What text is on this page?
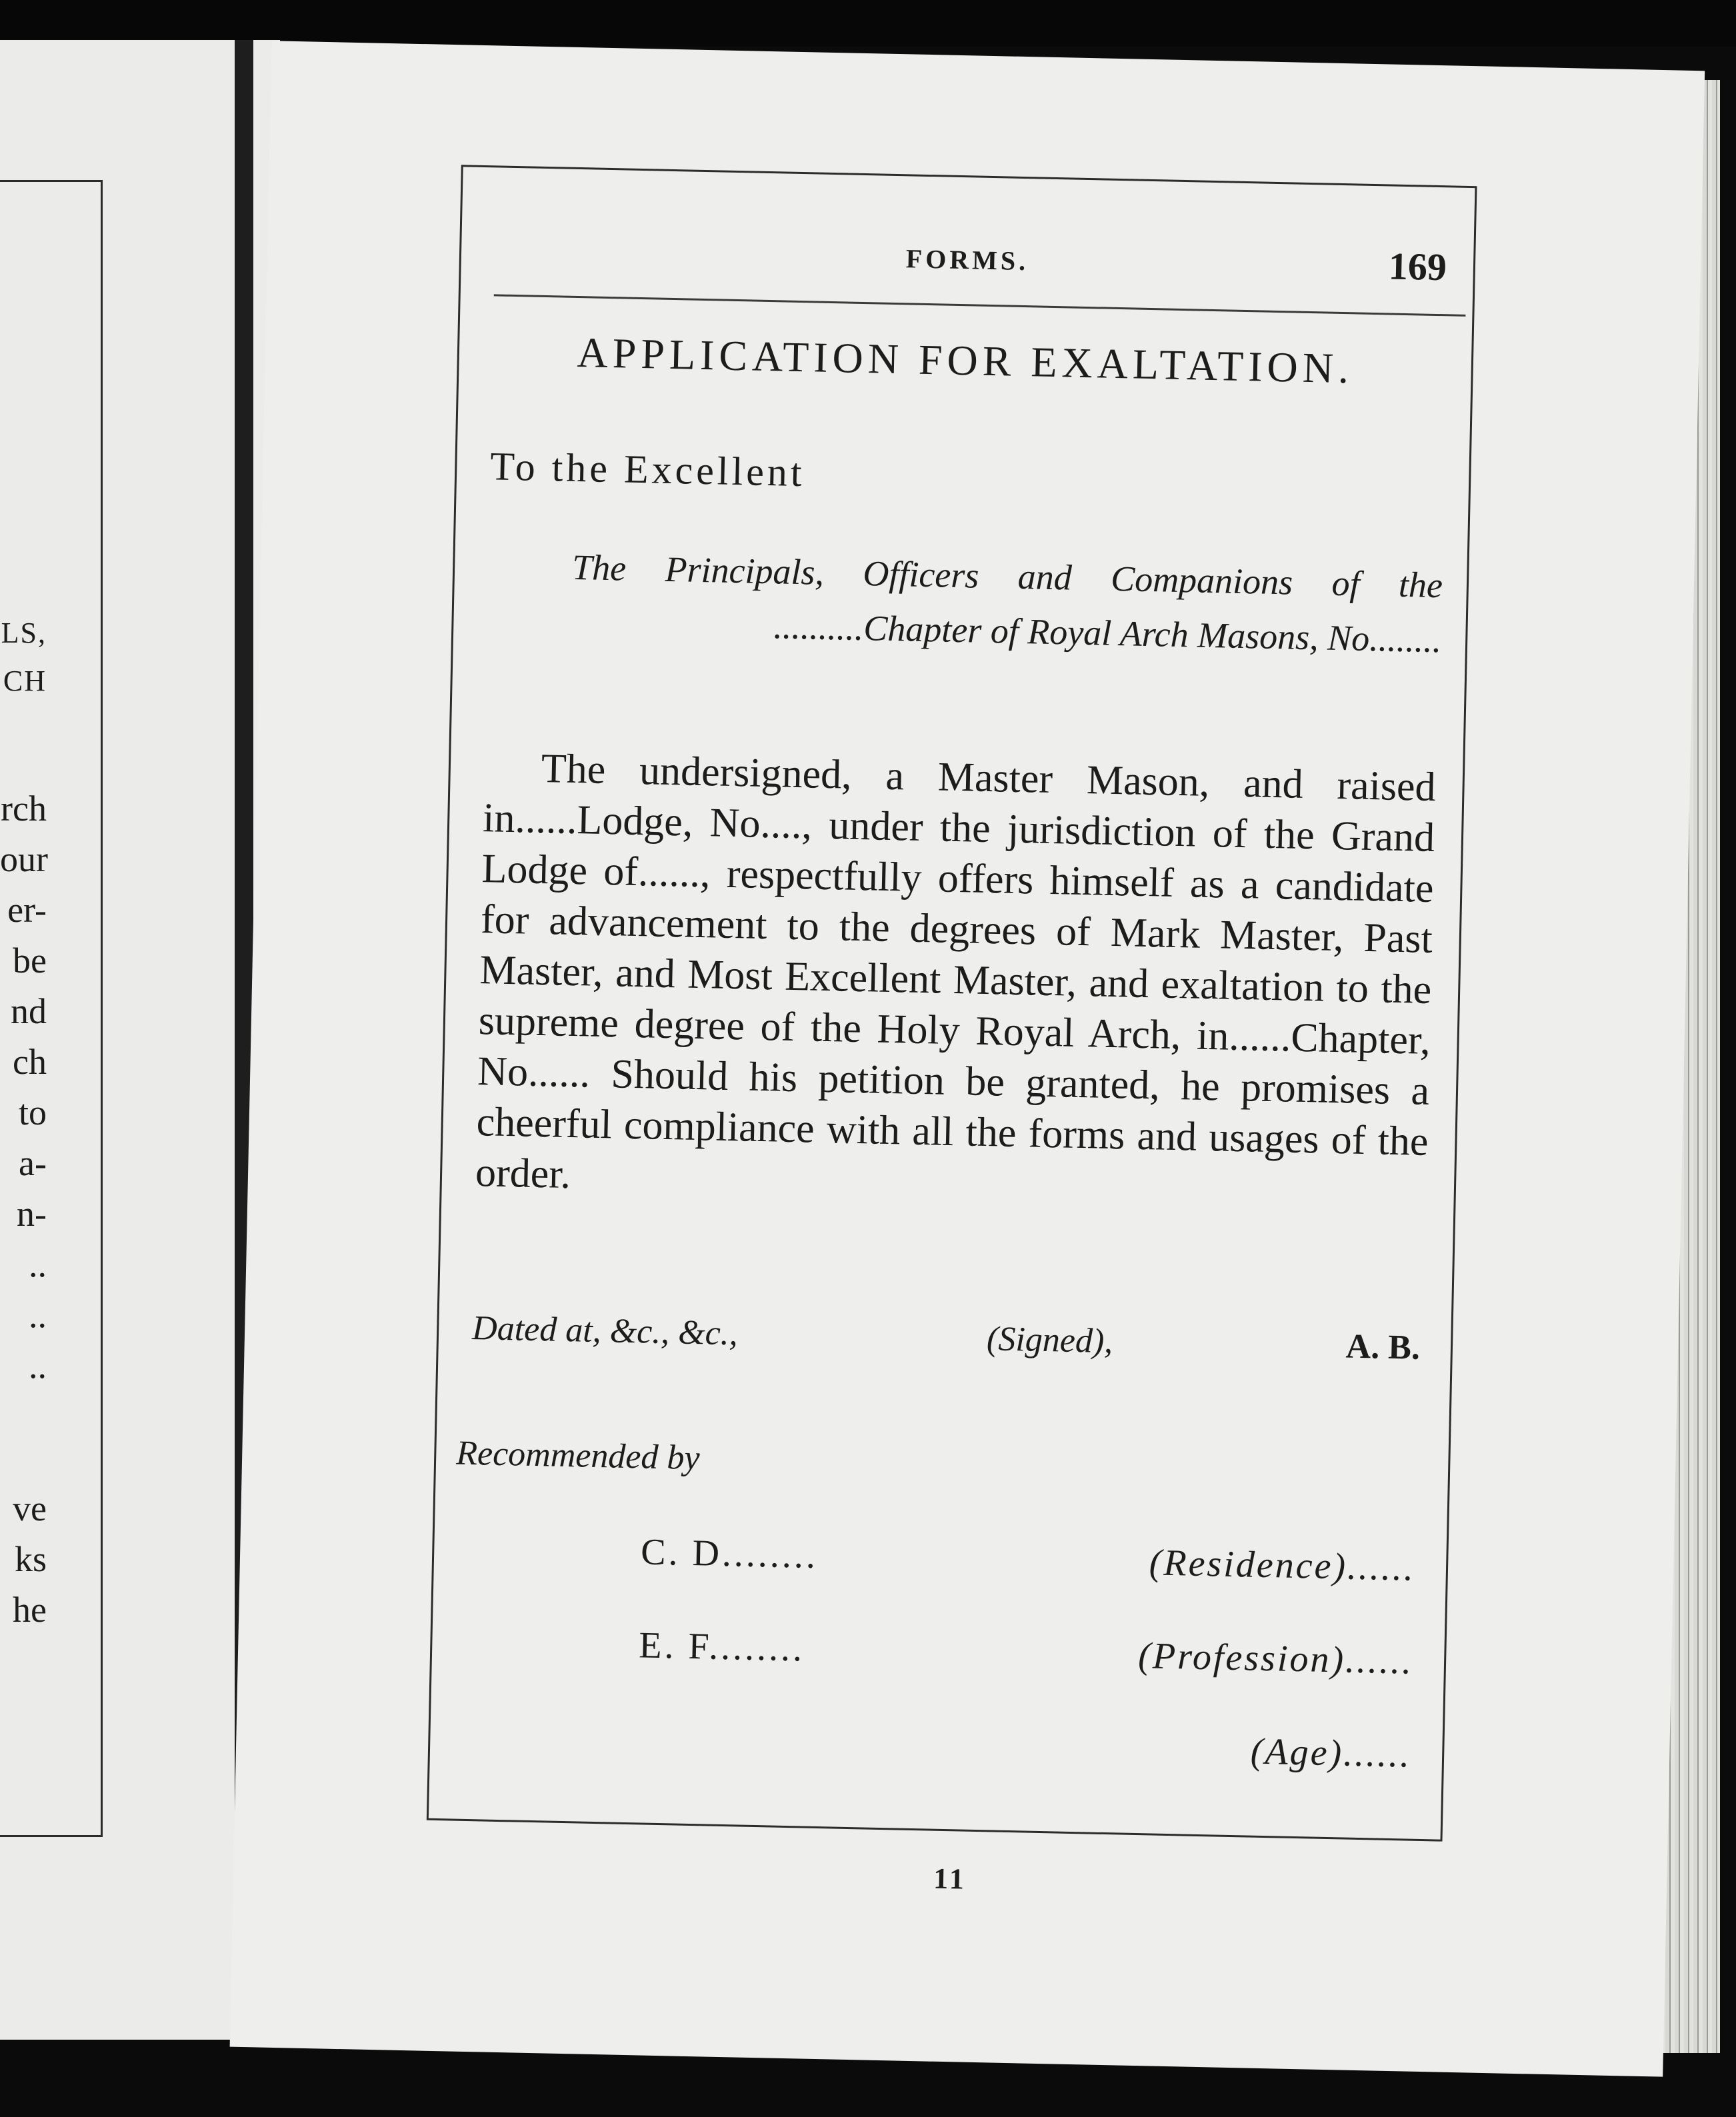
LS,
CH
rch
our
er-
be
nd
ch
to
a-
n-
..
..
..
ve
ks
he
FORMS.	169
APPLICATION FOR EXALTATION.
To the Excellent
The Principals, Officers and Companions of the
..........Chapter of Royal Arch Masons, No........
The undersigned, a Master Mason, and raised in......Lodge, No...., under the jurisdiction of the Grand Lodge of......, respectfully offers himself as a candidate for advancement to the degrees of Mark Master, Past Master, and Most Excellent Master, and exaltation to the supreme degree of the Holy Royal Arch, in......Chapter, No...... Should his petition be granted, he promises a cheerful compliance with all the forms and usages of the order.
Dated at, &c., &c.,	(Signed),	A. B.
Recommended by
C. D........	(Residence)......
E. F........	(Profession)......
(Age)......
11
